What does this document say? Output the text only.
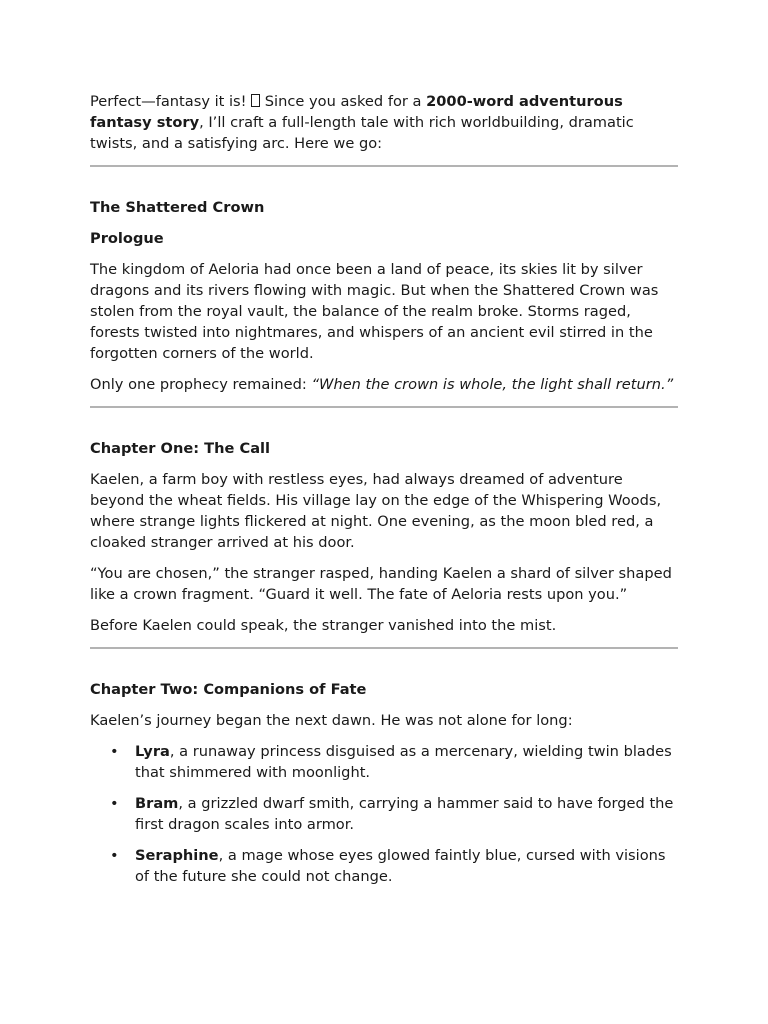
Perfect—fantasy it is!  Since you asked for a 2000-word adventurous fantasy story, I’ll craft a full-length tale with rich worldbuilding, dramatic twists, and a satisfying arc. Here we go:

The Shattered Crown

Prologue

The kingdom of Aeloria had once been a land of peace, its skies lit by silver dragons and its rivers flowing with magic. But when the Shattered Crown was stolen from the royal vault, the balance of the realm broke. Storms raged, forests twisted into nightmares, and whispers of an ancient evil stirred in the forgotten corners of the world.

Only one prophecy remained: “When the crown is whole, the light shall return.”

Chapter One: The Call

Kaelen, a farm boy with restless eyes, had always dreamed of adventure beyond the wheat fields. His village lay on the edge of the Whispering Woods, where strange lights flickered at night. One evening, as the moon bled red, a cloaked stranger arrived at his door.

“You are chosen,” the stranger rasped, handing Kaelen a shard of silver shaped like a crown fragment. “Guard it well. The fate of Aeloria rests upon you.”

Before Kaelen could speak, the stranger vanished into the mist.

Chapter Two: Companions of Fate

Kaelen’s journey began the next dawn. He was not alone for long:

• Lyra, a runaway princess disguised as a mercenary, wielding twin blades that shimmered with moonlight.
• Bram, a grizzled dwarf smith, carrying a hammer said to have forged the first dragon scales into armor.
• Seraphine, a mage whose eyes glowed faintly blue, cursed with visions of the future she could not change.
